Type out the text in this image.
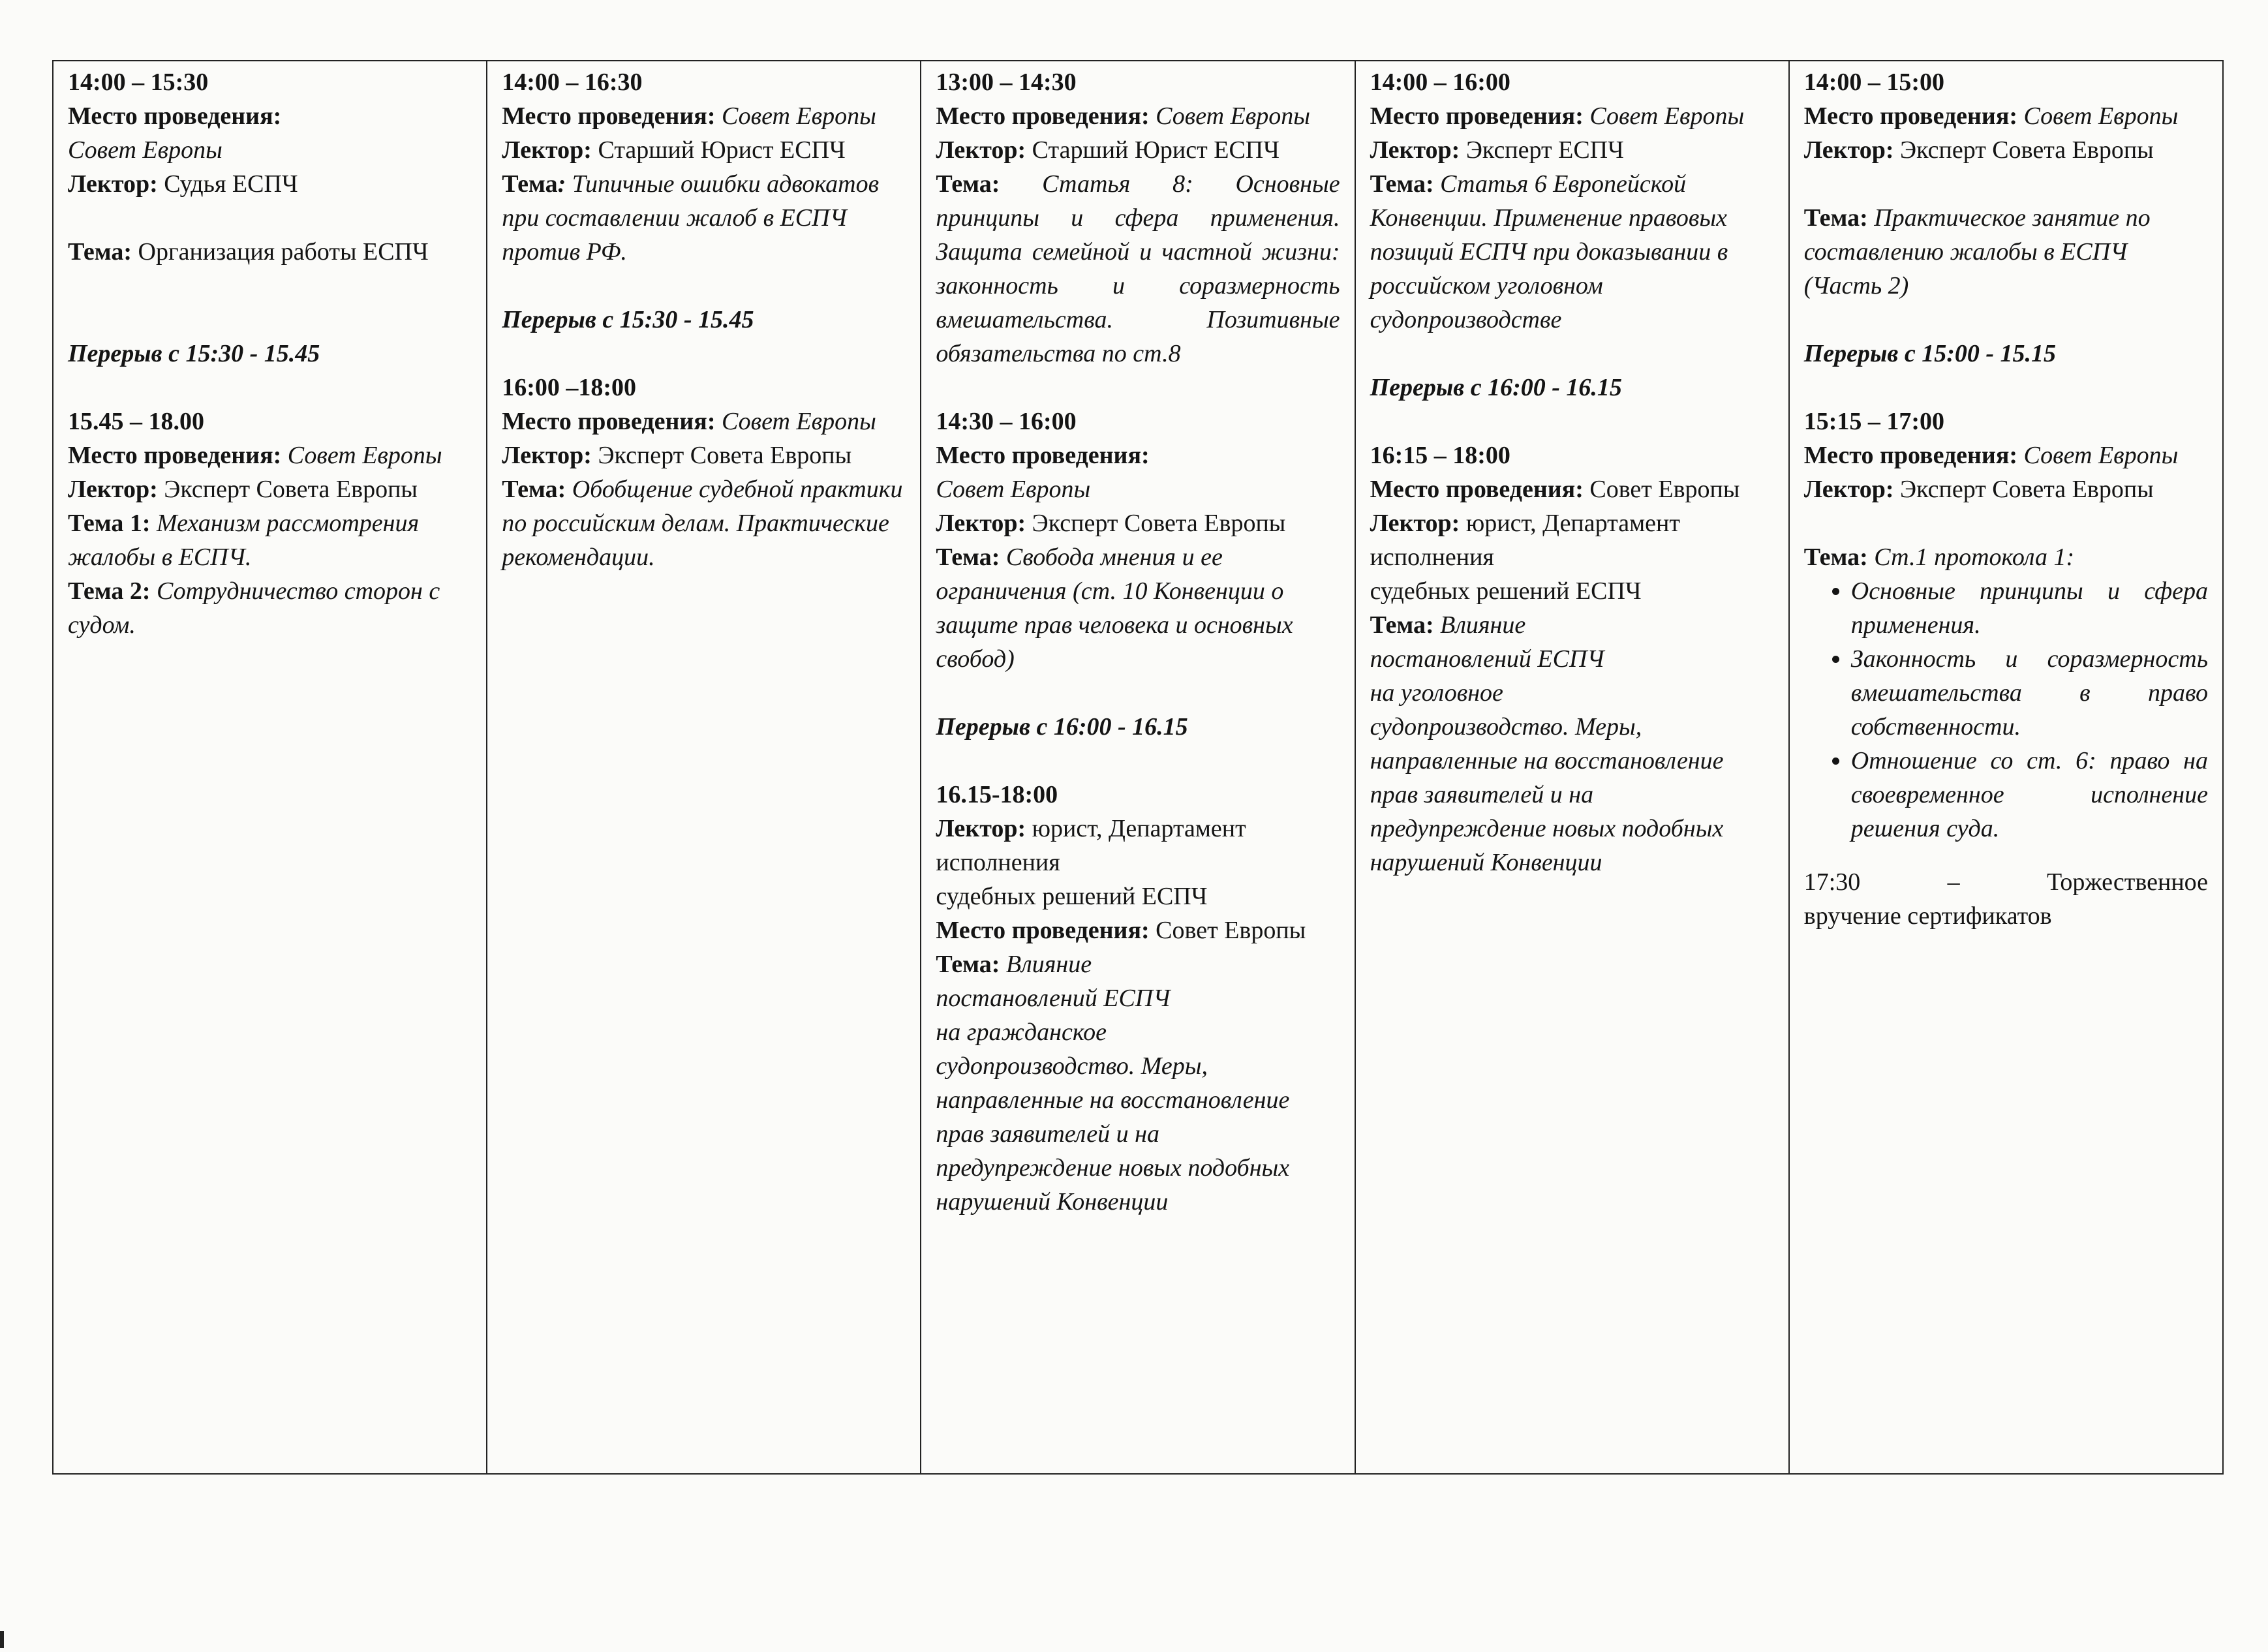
14:00 – 15:30
Место проведения:
Совет Европы
Лектор: Судья ЕСПЧ
Тема: Организация работы ЕСПЧ
Перерыв с 15:30 - 15.45
15.45 – 18.00
Место проведения: Совет Европы
Лектор: Эксперт Совета Европы
Тема 1: Механизм рассмотрения жалобы в ЕСПЧ.
Тема 2: Сотрудничество сторон с судом.

14:00 – 16:30
Место проведения: Совет Европы
Лектор: Старший Юрист ЕСПЧ
Тема: Типичные ошибки адвокатов при составлении жалоб в ЕСПЧ против РФ.
Перерыв с 15:30 - 15.45
16:00 –18:00
Место проведения: Совет Европы
Лектор: Эксперт Совета Европы
Тема: Обобщение судебной практики по российским делам. Практические рекомендации.

13:00 – 14:30
Место проведения: Совет Европы
Лектор: Старший Юрист ЕСПЧ
Тема: Статья 8: Основные принципы и сфера применения. Защита семейной и частной жизни: законность и соразмерность вмешательства. Позитивные обязательства по ст.8
14:30 – 16:00
Место проведения:
Совет Европы
Лектор: Эксперт Совета Европы
Тема: Свобода мнения и ее ограничения (ст. 10 Конвенции о защите прав человека и основных свобод)
Перерыв с 16:00 - 16.15
16.15-18:00
Лектор: юрист, Департамент
исполнения
судебных решений ЕСПЧ
Место проведения: Совет Европы
Тема: Влияние
постановлений ЕСПЧ
на гражданское
судопроизводство. Меры, направленные на восстановление прав заявителей и на предупреждение новых подобных нарушений Конвенции

14:00 – 16:00
Место проведения: Совет Европы
Лектор: Эксперт ЕСПЧ
Тема: Статья 6 Европейской Конвенции. Применение правовых позиций ЕСПЧ при доказывании в российском уголовном судопроизводстве
Перерыв с 16:00 - 16.15
16:15 – 18:00
Место проведения: Совет Европы
Лектор: юрист, Департамент
исполнения
судебных решений ЕСПЧ
Тема: Влияние
постановлений ЕСПЧ
на уголовное
судопроизводство. Меры, направленные на восстановление прав заявителей и на предупреждение новых подобных нарушений Конвенции

14:00 – 15:00
Место проведения: Совет Европы
Лектор: Эксперт Совета Европы
Тема: Практическое занятие по составлению жалобы в ЕСПЧ (Часть 2)
Перерыв с 15:00 - 15.15
15:15 – 17:00
Место проведения: Совет Европы
Лектор: Эксперт Совета Европы
Тема: Ст.1 протокола 1:
• Основные принципы и сфера применения.
• Законность и соразмерность вмешательства в право собственности.
• Отношение со ст. 6: право на своевременное исполнение решения суда.
17:30	–	Торжественное
вручение сертификатов
